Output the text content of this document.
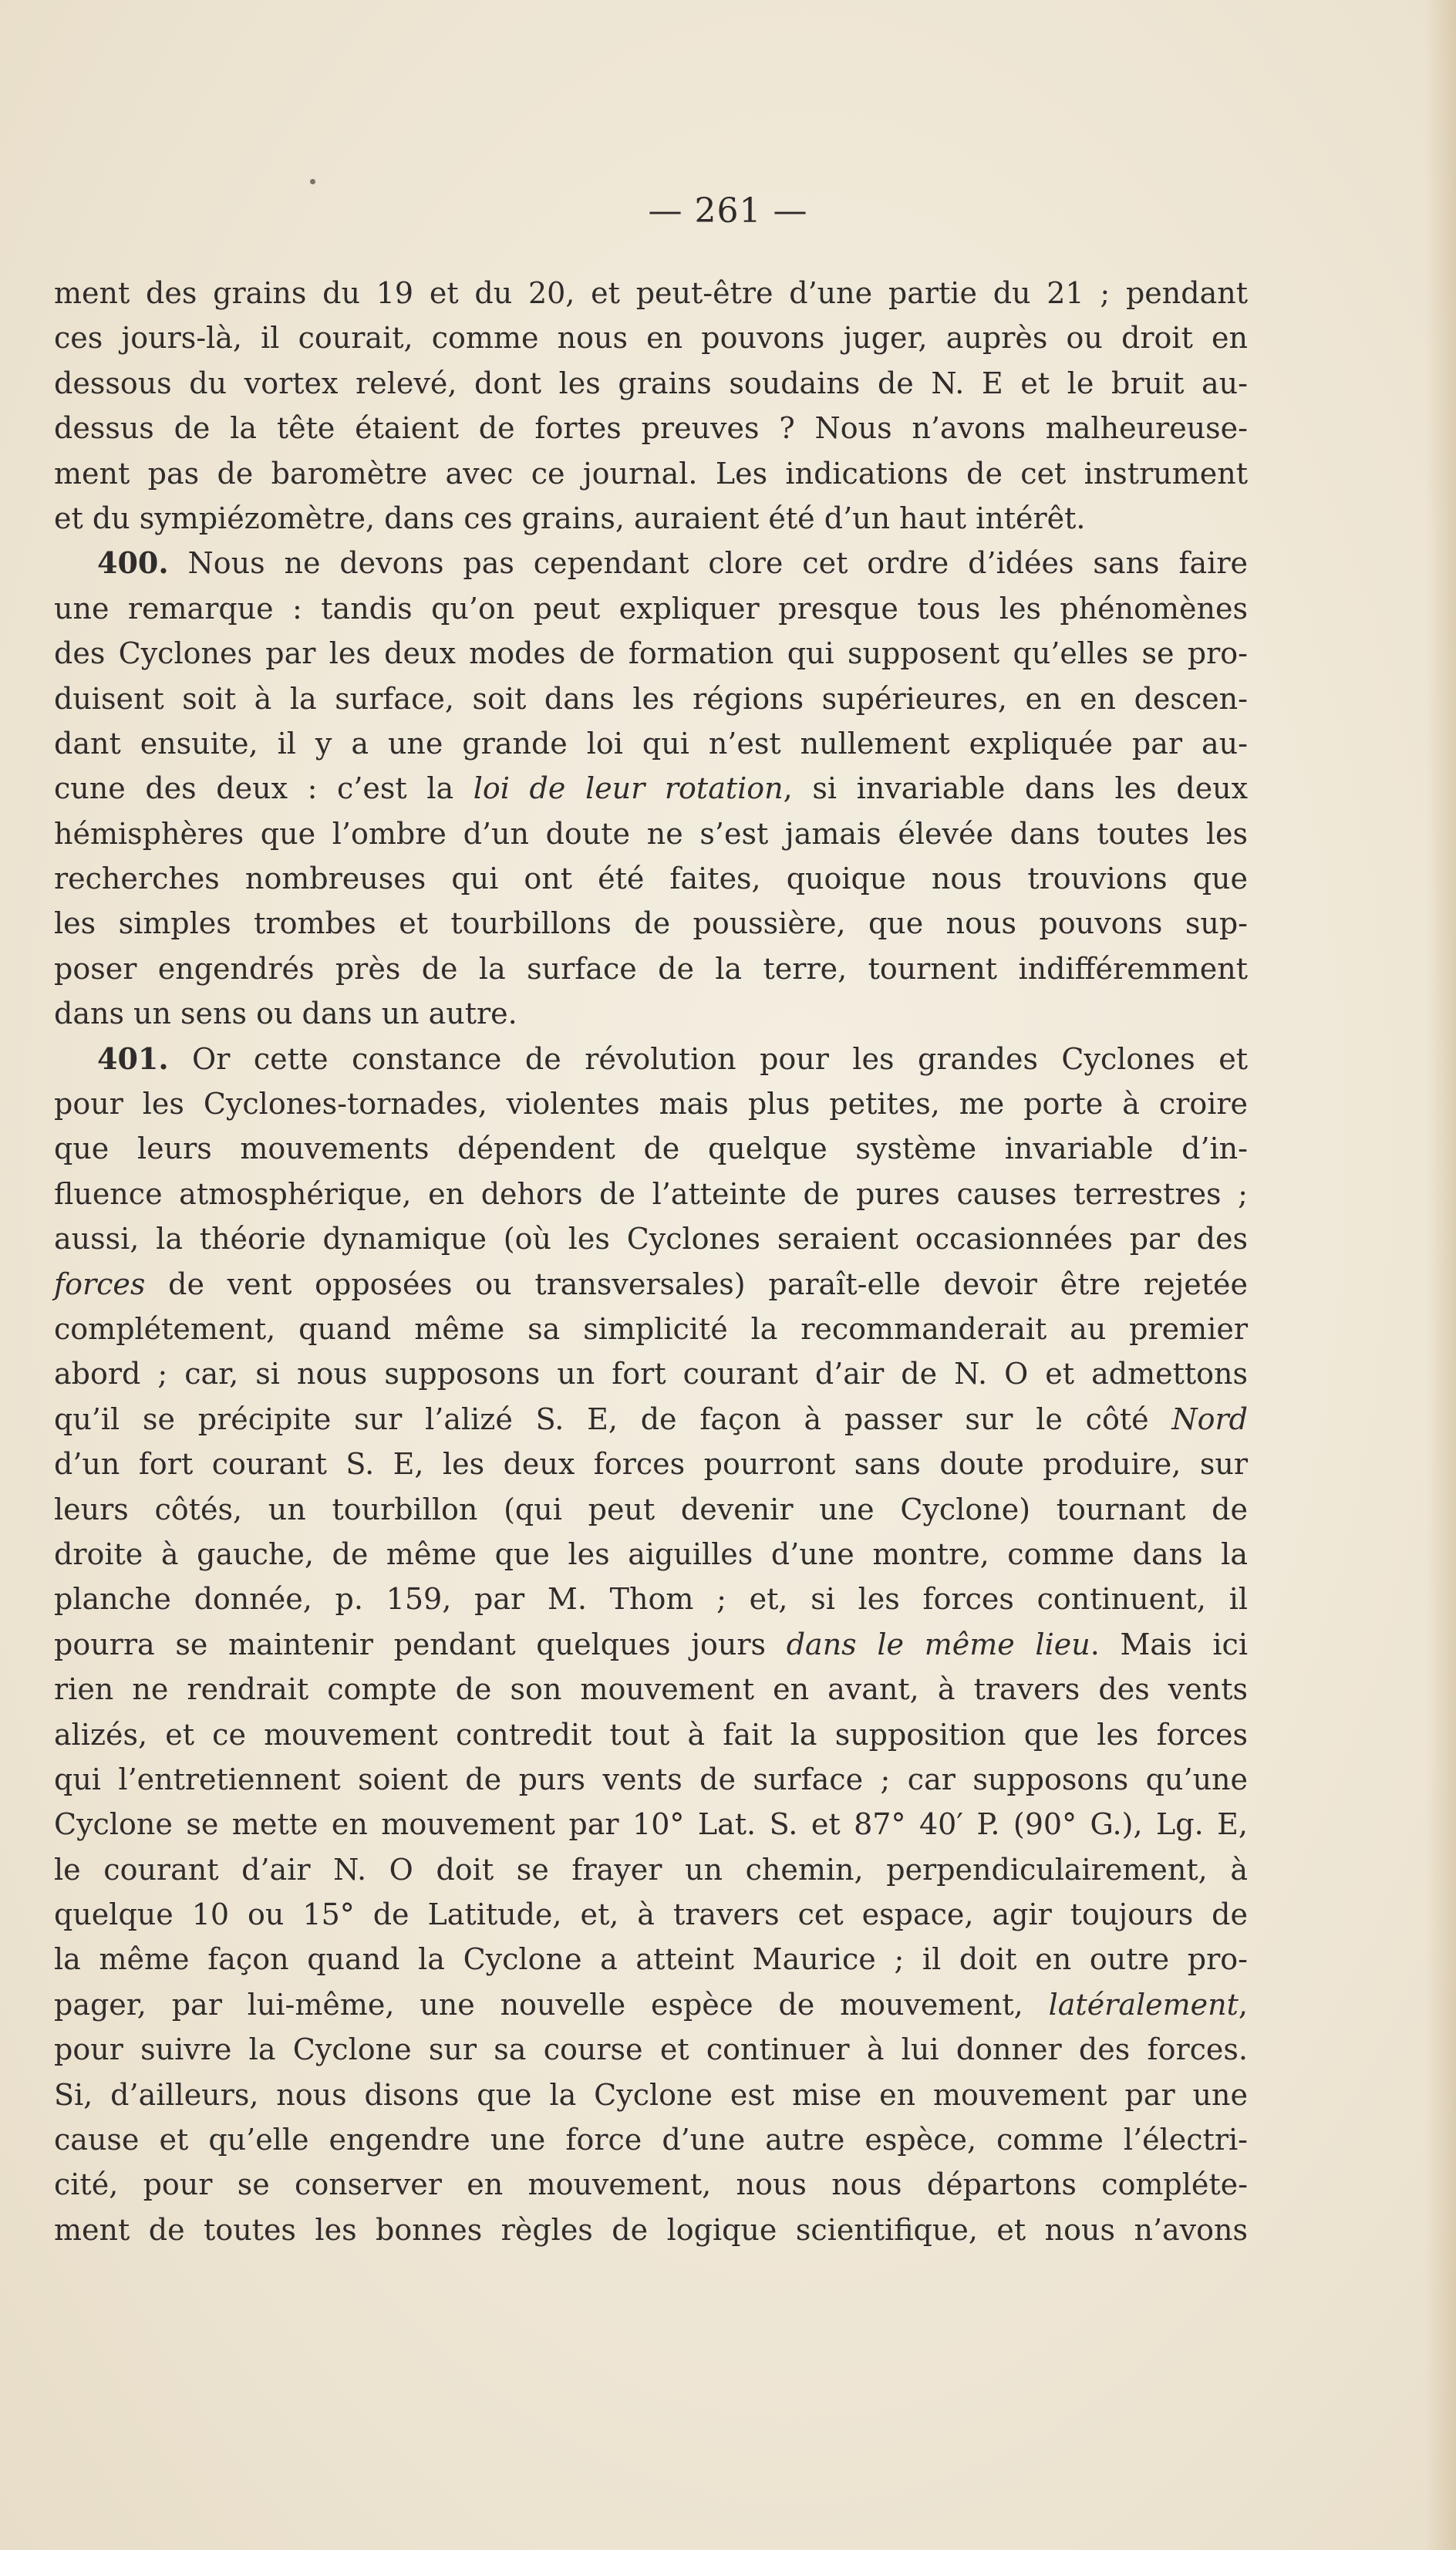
— 261 —
ment des grains du 19 et du 20, et peut-être d’une partie du 21 ; pendant
ces jours-là, il courait, comme nous en pouvons juger, auprès ou droit en
dessous du vortex relevé, dont les grains soudains de N. E et le bruit au-
dessus de la tête étaient de fortes preuves ? Nous n’avons malheureuse-
ment pas de baromètre avec ce journal. Les indications de cet instrument
et du sympiézomètre, dans ces grains, auraient été d’un haut intérêt.
400. Nous ne devons pas cependant clore cet ordre d’idées sans faire
une remarque : tandis qu’on peut expliquer presque tous les phénomènes
des Cyclones par les deux modes de formation qui supposent qu’elles se pro-
duisent soit à la surface, soit dans les régions supérieures, en en descen-
dant ensuite, il y a une grande loi qui n’est nullement expliquée par au-
cune des deux : c’est la loi de leur rotation, si invariable dans les deux
hémisphères que l’ombre d’un doute ne s’est jamais élevée dans toutes les
recherches nombreuses qui ont été faites, quoique nous trouvions que
les simples trombes et tourbillons de poussière, que nous pouvons sup-
poser engendrés près de la surface de la terre, tournent indifféremment
dans un sens ou dans un autre.
401. Or cette constance de révolution pour les grandes Cyclones et
pour les Cyclones-tornades, violentes mais plus petites, me porte à croire
que leurs mouvements dépendent de quelque système invariable d’in-
fluence atmosphérique, en dehors de l’atteinte de pures causes terrestres ;
aussi, la théorie dynamique (où les Cyclones seraient occasionnées par des
forces de vent opposées ou transversales) paraît-elle devoir être rejetée
complétement, quand même sa simplicité la recommanderait au premier
abord ; car, si nous supposons un fort courant d’air de N. O et admettons
qu’il se précipite sur l’alizé S. E, de façon à passer sur le côté Nord
d’un fort courant S. E, les deux forces pourront sans doute produire, sur
leurs côtés, un tourbillon (qui peut devenir une Cyclone) tournant de
droite à gauche, de même que les aiguilles d’une montre, comme dans la
planche donnée, p. 159, par M. Thom ; et, si les forces continuent, il
pourra se maintenir pendant quelques jours dans le même lieu. Mais ici
rien ne rendrait compte de son mouvement en avant, à travers des vents
alizés, et ce mouvement contredit tout à fait la supposition que les forces
qui l’entretiennent soient de purs vents de surface ; car supposons qu’une
Cyclone se mette en mouvement par 10° Lat. S. et 87° 40′ P. (90° G.), Lg. E,
le courant d’air N. O doit se frayer un chemin, perpendiculairement, à
quelque 10 ou 15° de Latitude, et, à travers cet espace, agir toujours de
la même façon quand la Cyclone a atteint Maurice ; il doit en outre pro-
pager, par lui-même, une nouvelle espèce de mouvement, latéralement,
pour suivre la Cyclone sur sa course et continuer à lui donner des forces.
Si, d’ailleurs, nous disons que la Cyclone est mise en mouvement par une
cause et qu’elle engendre une force d’une autre espèce, comme l’électri-
cité, pour se conserver en mouvement, nous nous départons compléte-
ment de toutes les bonnes règles de logique scientifique, et nous n’avons
